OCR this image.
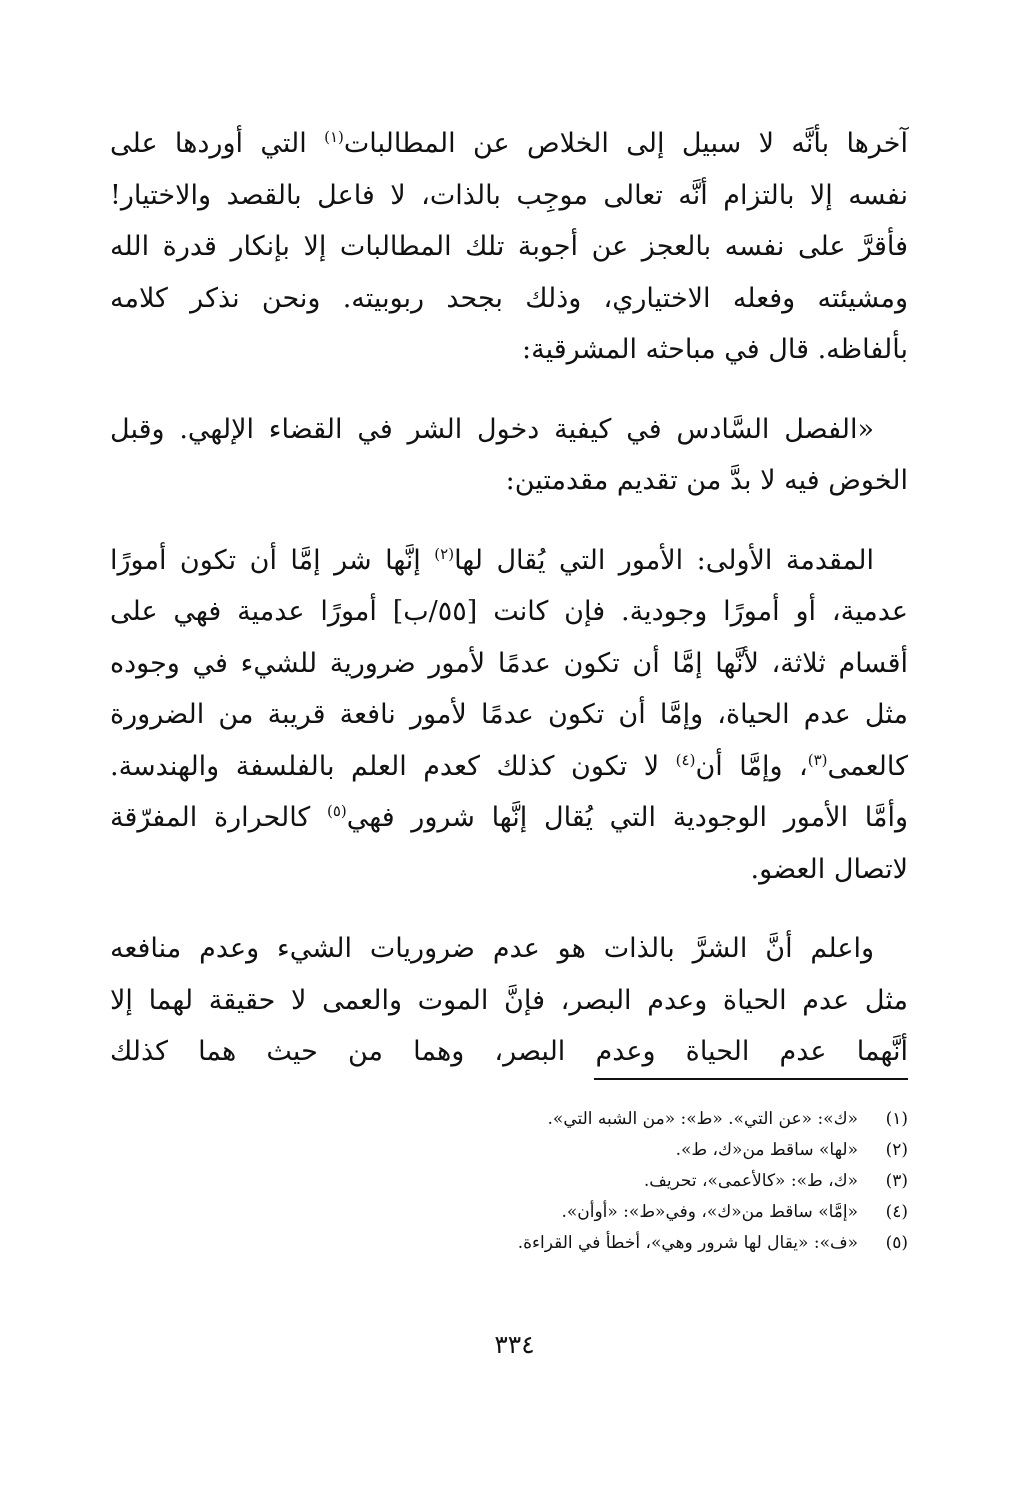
آخرها بأنَّه لا سبيل إلى الخلاص عن المطالبات$^{(١)}$ التي أوردها على
نفسه إلا بالتزام أنَّه تعالى موجِب بالذات، لا فاعل بالقصد والاختيار!
فأقرَّ على نفسه بالعجز عن أجوبة تلك المطالبات إلا بإنكار قدرة الله
ومشيئته وفعله الاختياري، وذلك بجحد ربوبيته. ونحن نذكر كلامه
بألفاظه. قال في مباحثه المشرقية:
«الفصل السَّادس في كيفية دخول الشر في القضاء الإلهي. وقبل
الخوض فيه لا بدَّ من تقديم مقدمتين:
المقدمة الأولى: الأمور التي يُقال لها$^{(٢)}$ إنَّها شر إمَّا أن تكون أمورًا
عدمية، أو أمورًا وجودية. فإن كانت [٥٥/ب] أمورًا عدمية فهي على
أقسام ثلاثة، لأنَّها إمَّا أن تكون عدمًا لأمور ضرورية للشيء في وجوده
مثل عدم الحياة، وإمَّا أن تكون عدمًا لأمور نافعة قريبة من الضرورة
كالعمى$^{(٣)}$، وإمَّا أن$^{(٤)}$ لا تكون كذلك كعدم العلم بالفلسفة والهندسة.
وأمَّا الأمور الوجودية التي يُقال إنَّها شرور فهي$^{(٥)}$ كالحرارة المفرّقة
لاتصال العضو.
واعلم أنَّ الشرَّ بالذات هو عدم ضروريات الشيء وعدم منافعه
مثل عدم الحياة وعدم البصر، فإنَّ الموت والعمى لا حقيقة لهما إلا
أنَّهما عدم الحياة وعدم البصر، وهما من حيث هما كذلك
(١)«ك»: «عن التي». «ط»: «من الشبه التي».
(٢)«لها» ساقط من«ك، ط».
(٣)«ك، ط»: «كالأعمى»، تحريف.
(٤)«إمَّا» ساقط من«ك»، وفي«ط»: «أوأن».
(٥)«ف»: «يقال لها شرور وهي»، أخطأ في القراءة.
٣٣٤
